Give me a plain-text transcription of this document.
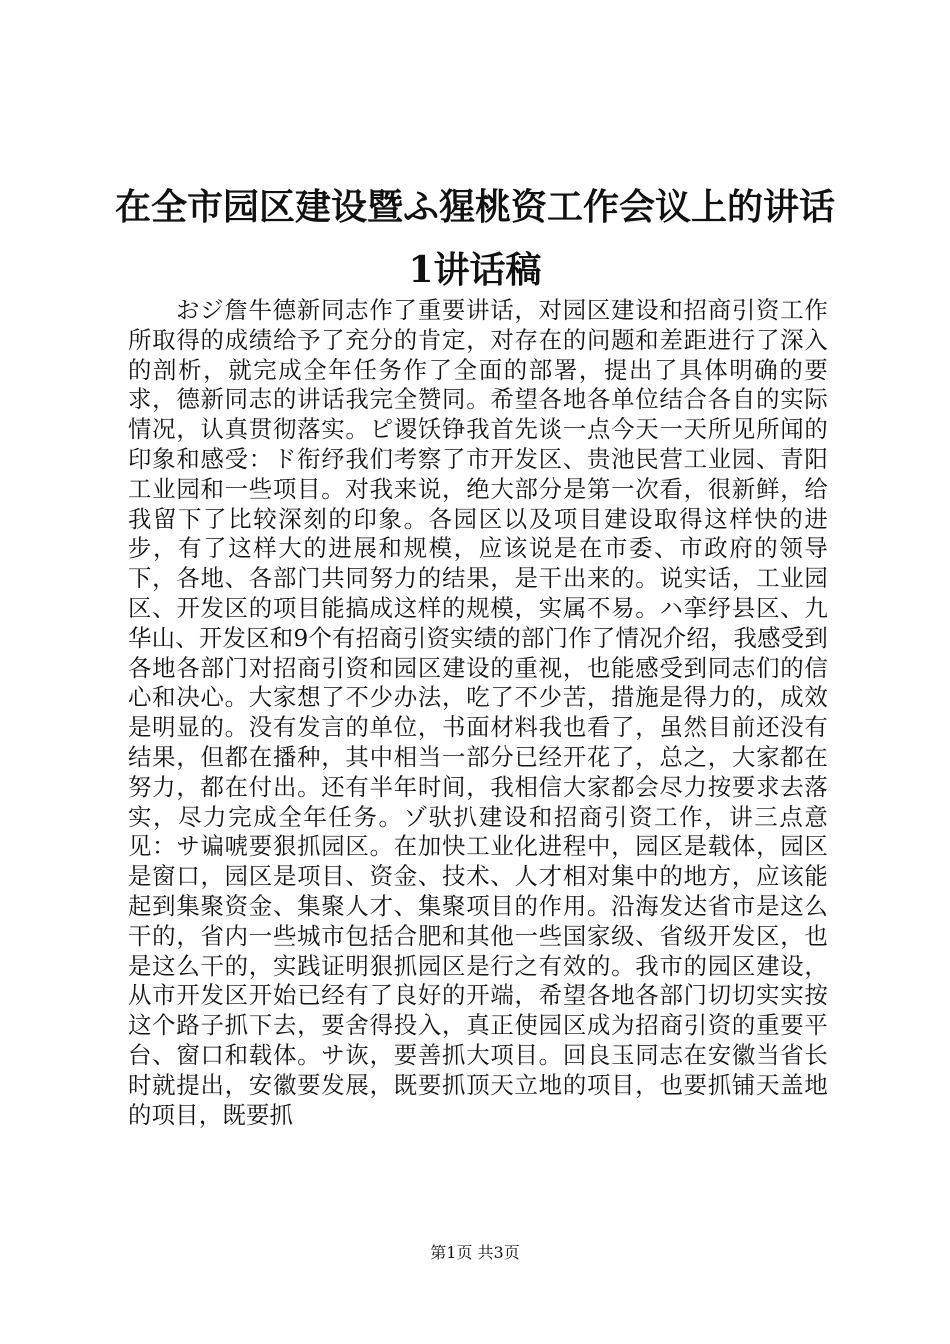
在全市园区建设暨ふ猩桃资工作会议上的讲话
1讲话稿

おジ詹牛德新同志作了重要讲话，对园区建设和招商引资工作所取得的成绩给予了充分的肯定，对存在的问题和差距进行了深入的剖析，就完成全年任务作了全面的部署，提出了具体明确的要求，德新同志的讲话我完全赞同。希望各地各单位结合各自的实际情况，认真贯彻落实。ピ谡饫铮我首先谈一点今天一天所见所闻的印象和感受：ド衔纾我们考察了市开发区、贵池民营工业园、青阳工业园和一些项目。对我来说，绝大部分是第一次看，很新鲜，给我留下了比较深刻的印象。各园区以及项目建设取得这样快的进步，有了这样大的进展和规模，应该说是在市委、市政府的领导下，各地、各部门共同努力的结果，是干出来的。说实话，工业园区、开发区的项目能搞成这样的规模，实属不易。ハ挛纾县区、九华山、开发区和9个有招商引资实绩的部门作了情况介绍，我感受到各地各部门对招商引资和园区建设的重视，也能感受到同志们的信心和决心。大家想了不少办法，吃了不少苦，措施是得力的，成效是明显的。没有发言的单位，书面材料我也看了，虽然目前还没有结果，但都在播种，其中相当一部分已经开花了，总之，大家都在努力，都在付出。还有半年时间，我相信大家都会尽力按要求去落实，尽力完成全年任务。ゾ驮扒建设和招商引资工作，讲三点意见：サ谝唬要狠抓园区。在加快工业化进程中，园区是载体，园区是窗口，园区是项目、资金、技术、人才相对集中的地方，应该能起到集聚资金、集聚人才、集聚项目的作用。沿海发达省市是这么干的，省内一些城市包括合肥和其他一些国家级、省级开发区，也是这么干的，实践证明狠抓园区是行之有效的。我市的园区建设，从市开发区开始已经有了良好的开端，希望各地各部门切切实实按这个路子抓下去，要舍得投入，真正使园区成为招商引资的重要平台、窗口和载体。サ诙，要善抓大项目。回良玉同志在安徽当省长时就提出，安徽要发展，既要抓顶天立地的项目，也要抓铺天盖地的项目，既要抓

第1页 共3页
